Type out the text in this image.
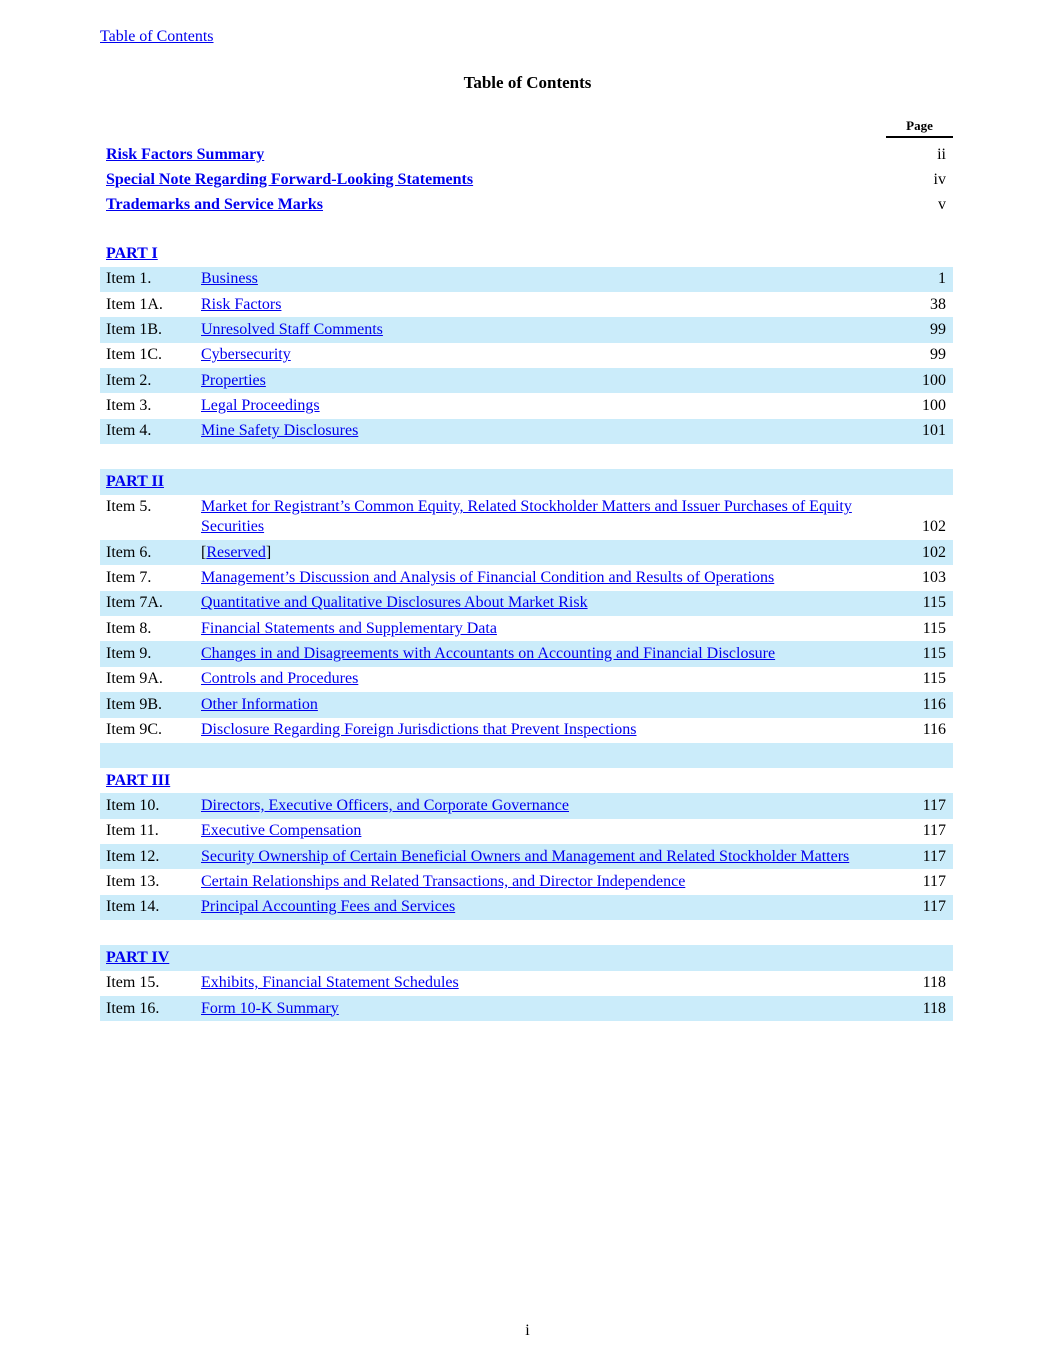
Table of Contents
Table of Contents
Page
Risk Factors Summary	ii
Special Note Regarding Forward-Looking Statements	iv
Trademarks and Service Marks	v
PART I
Item 1.	Business	1
Item 1A.	Risk Factors	38
Item 1B.	Unresolved Staff Comments	99
Item 1C.	Cybersecurity	99
Item 2.	Properties	100
Item 3.	Legal Proceedings	100
Item 4.	Mine Safety Disclosures	101
PART II
Item 5.	Market for Registrant’s Common Equity, Related Stockholder Matters and Issuer Purchases of Equity Securities	102
Item 6.	[Reserved]	102
Item 7.	Management’s Discussion and Analysis of Financial Condition and Results of Operations	103
Item 7A.	Quantitative and Qualitative Disclosures About Market Risk	115
Item 8.	Financial Statements and Supplementary Data	115
Item 9.	Changes in and Disagreements with Accountants on Accounting and Financial Disclosure	115
Item 9A.	Controls and Procedures	115
Item 9B.	Other Information	116
Item 9C.	Disclosure Regarding Foreign Jurisdictions that Prevent Inspections	116
PART III
Item 10.	Directors, Executive Officers, and Corporate Governance	117
Item 11.	Executive Compensation	117
Item 12.	Security Ownership of Certain Beneficial Owners and Management and Related Stockholder Matters	117
Item 13.	Certain Relationships and Related Transactions, and Director Independence	117
Item 14.	Principal Accounting Fees and Services	117
PART IV
Item 15.	Exhibits, Financial Statement Schedules	118
Item 16.	Form 10-K Summary	118
i
